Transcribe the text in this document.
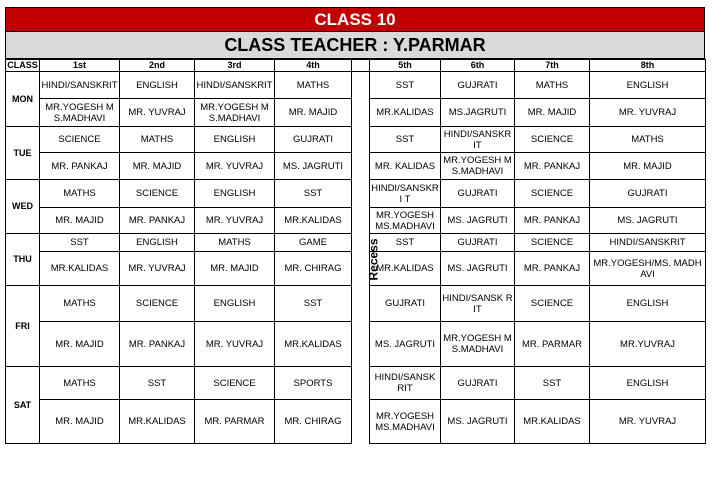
CLASS 10
CLASS TEACHER : Y.PARMAR
CLASS	1st	2nd	3rd	4th		5th	6th	7th	8th
MON	HINDI/SANSKRIT	ENGLISH	HINDI/SANSKRIT	MATHS		SST	GUJRATI	MATHS	ENGLISH
	MR.YOGESH MS.MADHAVI	MR. YUVRAJ	MR.YOGESH MS.MADHAVI	MR. MAJID		MR.KALIDAS	MS.JAGRUTI	MR. MAJID	MR. YUVRAJ
TUE	SCIENCE	MATHS	ENGLISH	GUJRATI		SST	HINDI/SANSKR IT	SCIENCE	MATHS
	MR. PANKAJ	MR. MAJID	MR. YUVRAJ	MS. JAGRUTI		MR. KALIDAS	MR.YOGESH MS.MADHAVI	MR. PANKAJ	MR. MAJID
WED	MATHS	SCIENCE	ENGLISH	SST		HINDI/SANSKRI T	GUJRATI	SCIENCE	GUJRATI
	MR. MAJID	MR. PANKAJ	MR. YUVRAJ	MR.KALIDAS		MR.YOGESH MS.MADHAVI	MS. JAGRUTI	MR. PANKAJ	MS. JAGRUTI
THU	SST	ENGLISH	MATHS	GAME	Recess	SST	GUJRATI	SCIENCE	HINDI/SANSKRIT
	MR.KALIDAS	MR. YUVRAJ	MR. MAJID	MR. CHIRAG		MR.KALIDAS	MS. JAGRUTI	MR. PANKAJ	MR.YOGESH/MS. MADHAVI
FRI	MATHS	SCIENCE	ENGLISH	SST		GUJRATI	HINDI/SANSK RIT	SCIENCE	ENGLISH
	MR. MAJID	MR. PANKAJ	MR. YUVRAJ	MR.KALIDAS		MS. JAGRUTI	MR.YOGESH MS.MADHAVI	MR. PARMAR	MR.YUVRAJ
SAT	MATHS	SST	SCIENCE	SPORTS		HINDI/SANSK RIT	GUJRATI	SST	ENGLISH
	MR. MAJID	MR.KALIDAS	MR. PARMAR	MR. CHIRAG		MR.YOGESH MS.MADHAVI	MS. JAGRUTI	MR.KALIDAS	MR. YUVRAJ
